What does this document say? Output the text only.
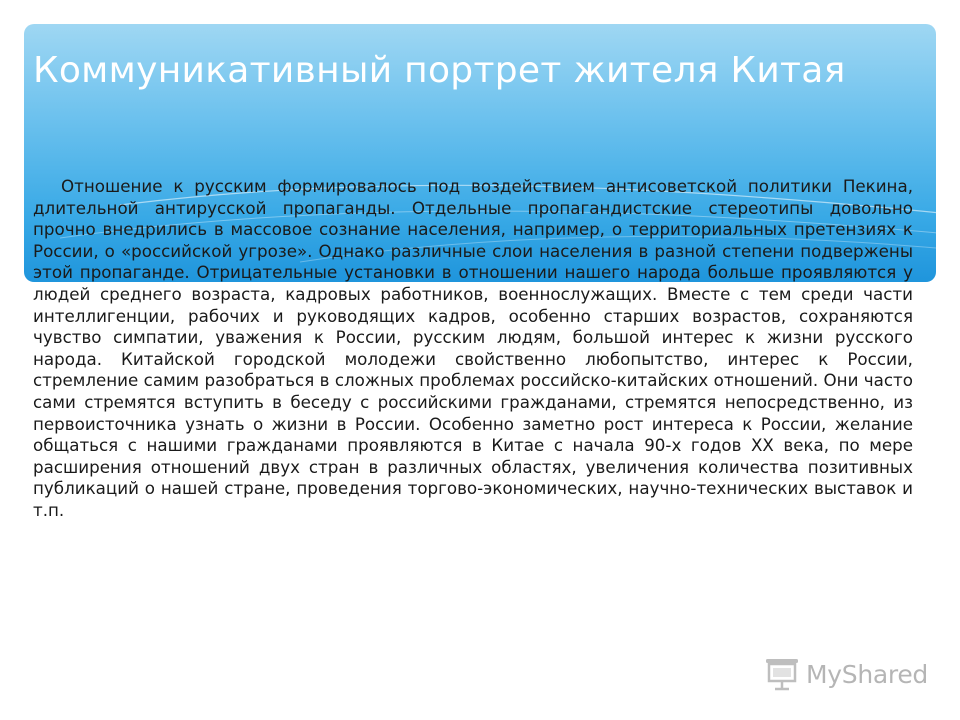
Коммуникативный портрет жителя Китая

Отношение к русским формировалось под воздействием антисоветской политики Пекина, длительной антирусской пропаганды. Отдельные пропагандистские стереотипы довольно прочно внедрились в массовое сознание населения, например, о территориальных претензиях к России, о «российской угрозе». Однако различные слои населения в разной степени подвержены этой пропаганде. Отрицательные установки в отношении нашего народа больше проявляются у людей среднего возраста, кадровых работников, военнослужащих. Вместе с тем среди части интеллигенции, рабочих и руководящих кадров, особенно старших возрастов, сохраняются чувство симпатии, уважения к России, русским людям, большой интерес к жизни русского народа. Китайской городской молодежи свойственно любопытство, интерес к России, стремление самим разобраться в сложных проблемах российско-китайских отношений. Они часто сами стремятся вступить в беседу с российскими гражданами, стремятся непосредственно, из первоисточника узнать о жизни в России. Особенно заметно рост интереса к России, желание общаться с нашими гражданами проявляются в Китае с начала 90-х годов XX века, по мере расширения отношений двух стран в различных областях, увеличения количества позитивных публикаций о нашей стране, проведения торгово-экономических, научно-технических выставок и т.п.

MyShared
